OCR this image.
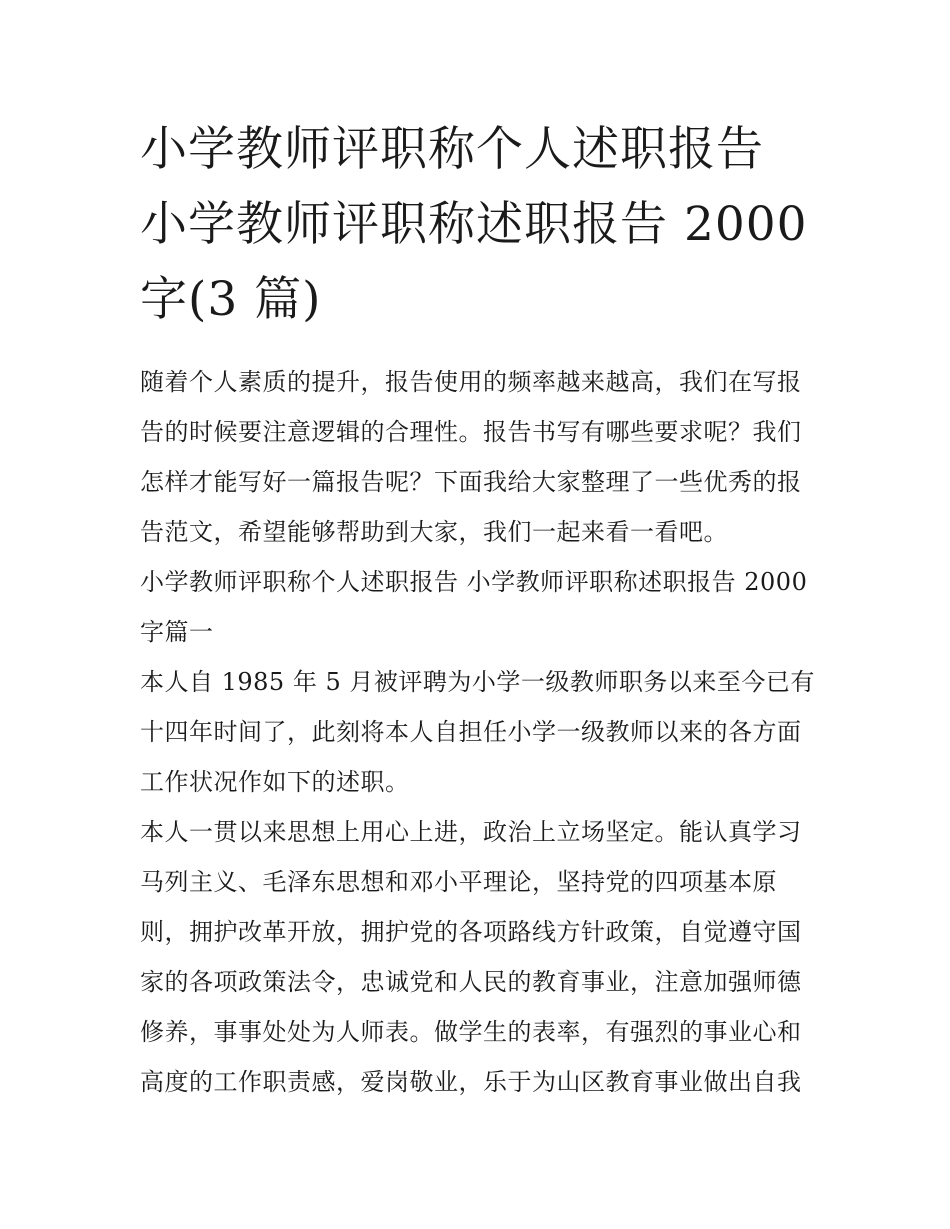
小学教师评职称个人述职报告
小学教师评职称述职报告 2000
字(3 篇)

随着个人素质的提升，报告使用的频率越来越高，我们在写报
告的时候要注意逻辑的合理性。报告书写有哪些要求呢？我们
怎样才能写好一篇报告呢？下面我给大家整理了一些优秀的报
告范文，希望能够帮助到大家，我们一起来看一看吧。

小学教师评职称个人述职报告 小学教师评职称述职报告 2000
字篇一

本人自 1985 年 5 月被评聘为小学一级教师职务以来至今已有
十四年时间了，此刻将本人自担任小学一级教师以来的各方面
工作状况作如下的述职。

本人一贯以来思想上用心上进，政治上立场坚定。能认真学习
马列主义、毛泽东思想和邓小平理论，坚持党的四项基本原
则，拥护改革开放，拥护党的各项路线方针政策，自觉遵守国
家的各项政策法令，忠诚党和人民的教育事业，注意加强师德
修养，事事处处为人师表。做学生的表率，有强烈的事业心和
高度的工作职责感，爱岗敬业，乐于为山区教育事业做出自我
